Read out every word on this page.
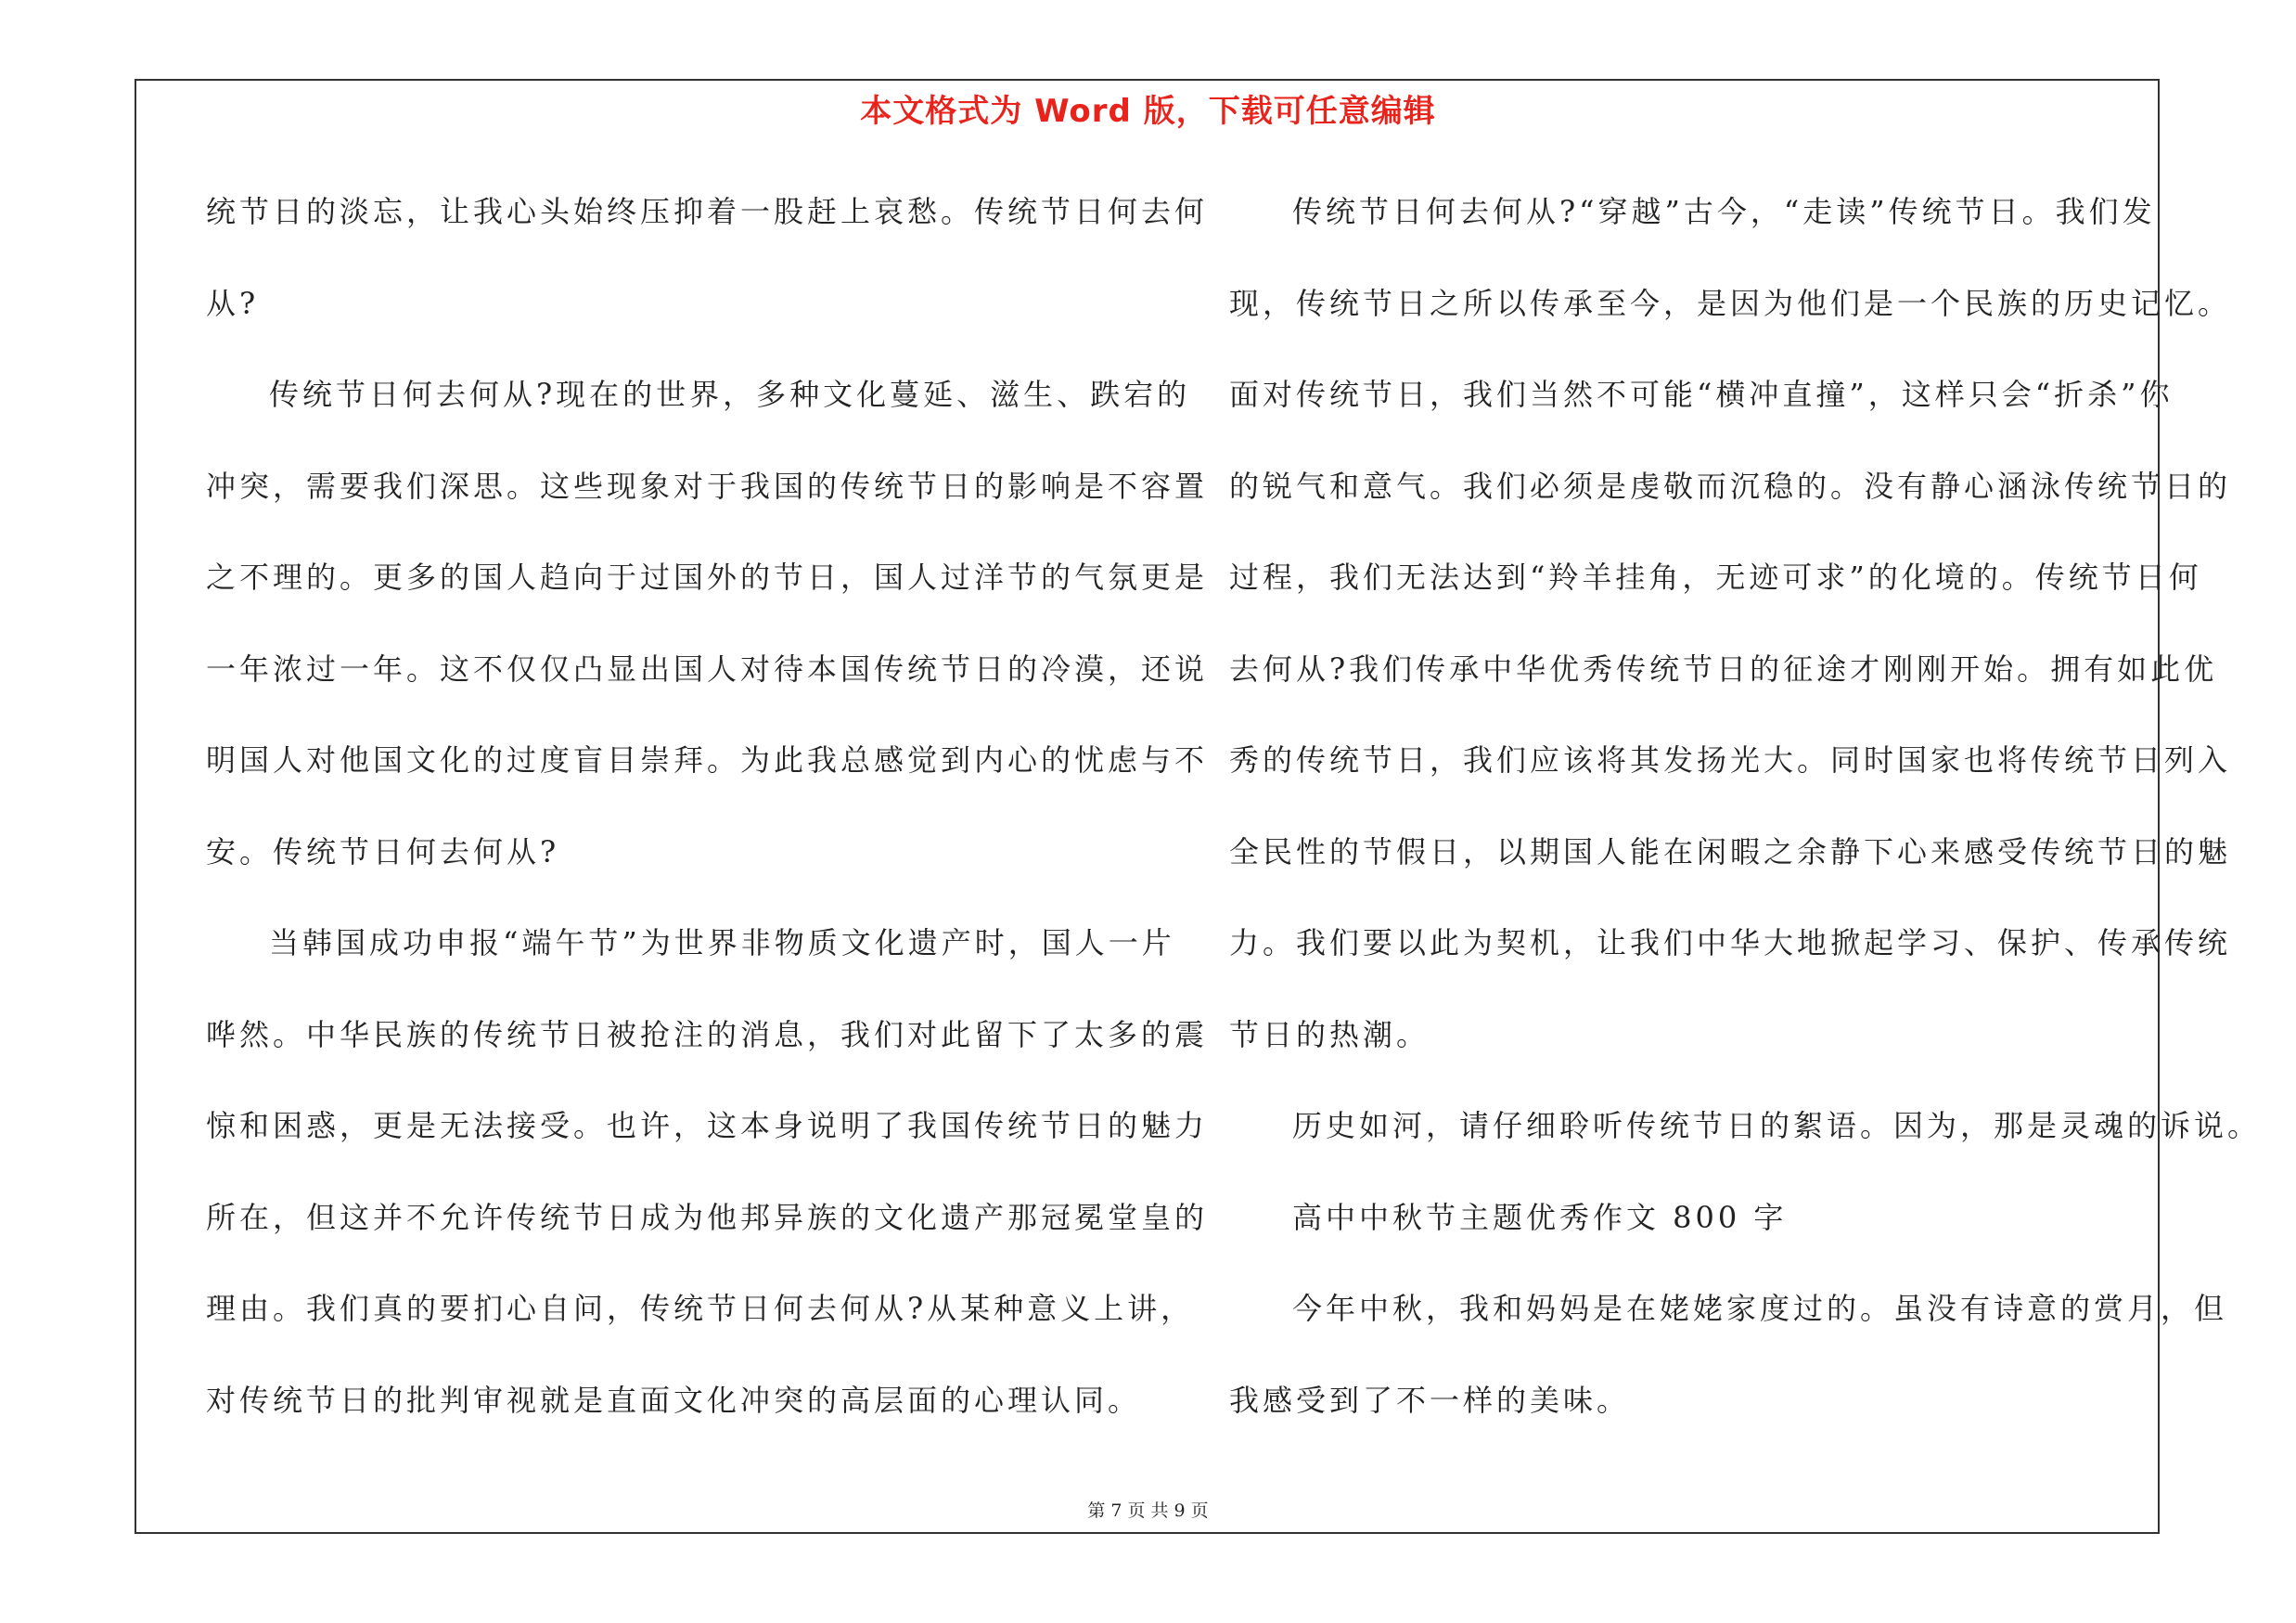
本文格式为 Word 版，下载可任意编辑
统节日的淡忘，让我心头始终压抑着一股赶上哀愁。传统节日何去何
从?
传统节日何去何从?现在的世界，多种文化蔓延、滋生、跌宕的
冲突，需要我们深思。这些现象对于我国的传统节日的影响是不容置
之不理的。更多的国人趋向于过国外的节日，国人过洋节的气氛更是
一年浓过一年。这不仅仅凸显出国人对待本国传统节日的冷漠，还说
明国人对他国文化的过度盲目崇拜。为此我总感觉到内心的忧虑与不
安。传统节日何去何从?
当韩国成功申报“端午节”为世界非物质文化遗产时，国人一片
哗然。中华民族的传统节日被抢注的消息，我们对此留下了太多的震
惊和困惑，更是无法接受。也许，这本身说明了我国传统节日的魅力
所在，但这并不允许传统节日成为他邦异族的文化遗产那冠冕堂皇的
理由。我们真的要扪心自问，传统节日何去何从?从某种意义上讲，
对传统节日的批判审视就是直面文化冲突的高层面的心理认同。
传统节日何去何从?“穿越”古今，“走读”传统节日。我们发
现，传统节日之所以传承至今，是因为他们是一个民族的历史记忆。
面对传统节日，我们当然不可能“横冲直撞”，这样只会“折杀”你
的锐气和意气。我们必须是虔敬而沉稳的。没有静心涵泳传统节日的
过程，我们无法达到“羚羊挂角，无迹可求”的化境的。传统节日何
去何从?我们传承中华优秀传统节日的征途才刚刚开始。拥有如此优
秀的传统节日，我们应该将其发扬光大。同时国家也将传统节日列入
全民性的节假日，以期国人能在闲暇之余静下心来感受传统节日的魅
力。我们要以此为契机，让我们中华大地掀起学习、保护、传承传统
节日的热潮。
历史如河，请仔细聆听传统节日的絮语。因为，那是灵魂的诉说。
高中中秋节主题优秀作文 800 字
今年中秋，我和妈妈是在姥姥家度过的。虽没有诗意的赏月，但
我感受到了不一样的美味。
第 7 页 共 9 页
